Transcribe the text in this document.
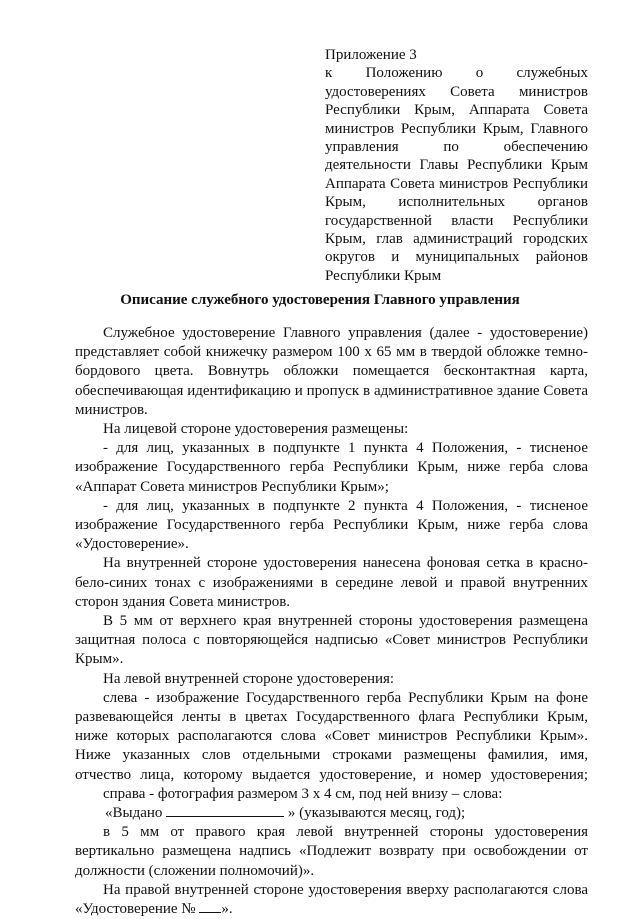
Приложение 3
к Положению о служебных
удостоверениях Совета министров
Республики Крым, Аппарата Совета
министров Республики Крым, Главного
управления по обеспечению
деятельности Главы Республики Крым
Аппарата Совета министров Республики
Крым, исполнительных органов
государственной власти Республики
Крым, глав администраций городских
округов и муниципальных районов
Республики Крым
Описание служебного удостоверения Главного управления
Служебное удостоверение Главного управления (далее - удостоверение)
представляет собой книжечку размером 100 х 65 мм в твердой обложке темно-
бордового цвета. Вовнутрь обложки помещается бесконтактная карта,
обеспечивающая идентификацию и пропуск в административное здание Совета
министров.
На лицевой стороне удостоверения размещены:
- для лиц, указанных в подпункте 1 пункта 4 Положения, - тисненое
изображение Государственного герба Республики Крым, ниже герба слова
«Аппарат Совета министров Республики Крым»;
- для лиц, указанных в подпункте 2 пункта 4 Положения, - тисненое
изображение Государственного герба Республики Крым, ниже герба слова
«Удостоверение».
На внутренней стороне удостоверения нанесена фоновая сетка в красно-
бело-синих тонах с изображениями в середине левой и правой внутренних
сторон здания Совета министров.
В 5 мм от верхнего края внутренней стороны удостоверения размещена
защитная полоса с повторяющейся надписью «Совет министров Республики
Крым».
На левой внутренней стороне удостоверения:
слева - изображение Государственного герба Республики Крым на фоне
развевающейся ленты в цветах Государственного флага Республики Крым,
ниже которых располагаются слова «Совет министров Республики Крым».
Ниже указанных слов отдельными строками размещены фамилия, имя,
отчество лица, которому выдается удостоверение, и номер удостоверения;
справа - фотография размером 3 х 4 см, под ней внизу – слова:
«Выдано	» (указываются месяц, год);
в 5 мм от правого края левой внутренней стороны удостоверения
вертикально размещена надпись «Подлежит возврату при освобождении от
должности (сложении полномочий)».
На правой внутренней стороне удостоверения вверху располагаются слова
«Удостоверение № ».
